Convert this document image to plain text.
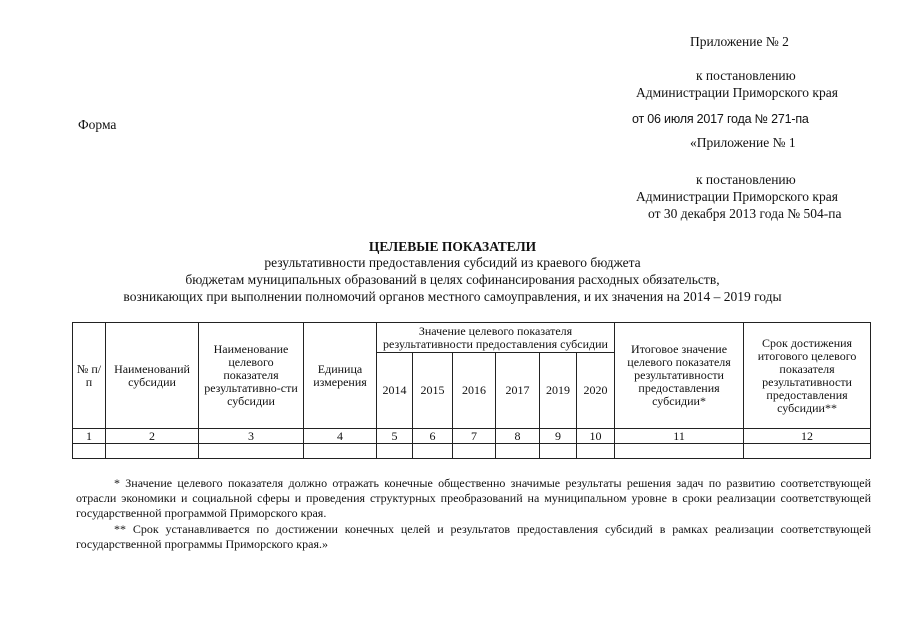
Приложение № 2
к постановлению
Администрации Приморского края
от 06 июля 2017 года № 271-па
Форма
«Приложение № 1
к постановлению
Администрации Приморского края
от 30 декабря 2013 года № 504-па
ЦЕЛЕВЫЕ ПОКАЗАТЕЛИ
результативности предоставления субсидий из краевого бюджета
бюджетам муниципальных образований в целях софинансирования расходных обязательств,
возникающих при выполнении полномочий органов местного самоуправления, и их значения на 2014 – 2019 годы
№ п/п	Наименований субсидии	Наименование целевого показателя результативно-сти субсидии	Единица измерения	Значение целевого показателя результативности предоставления субсидии						Итоговое значение целевого показателя результативности предоставления субсидии*	Срок достижения итогового целевого показателя результативности предоставления субсидии**
				2014	2015	2016	2017	2019	2020		
1	2	3	4	5	6	7	8	9	10	11	12

* Значение целевого показателя должно отражать конечные общественно значимые результаты решения задач по развитию соответствующей отрасли экономики и социальной сферы и проведения структурных преобразований на муниципальном уровне в сроки реализации соответствующей государственной программой Приморского края.
** Срок устанавливается по достижении конечных целей и результатов предоставления субсидий в рамках реализации соответствующей государственной программы Приморского края.»
